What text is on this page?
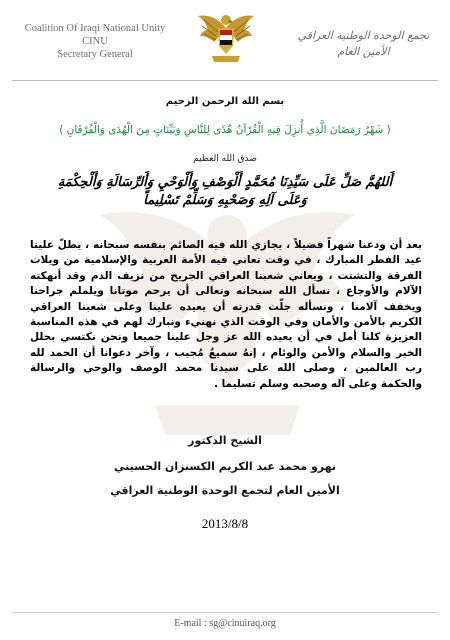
Coalition Of Iraqi National Unity
CINU
Secretary General
تجمع الوحدة الوطنية العراقي
الأمين العام
بسم الله الرحمن الرحيم
( شَهْرُ رَمَضَانَ الَّذِي أُنزِلَ فِيهِ الْقُرْآنُ هُدًى لِلنَّاسِ وَبَيِّنَاتٍ مِنَ الْهُدَى وَالْفُرْقَانِ )
صدق الله العظيم
أَللهُمَّ صَلِّ عَلَى سَيِّدِنَا مُحَمَّدٍ أَلْوَصْفِ وَأَلْوَحْيِ وَأَلرِّسَالَةِ وَأَلْحِكْمَةِ
وَعَلَى آلِهِ وَصَحْبِهِ وَسَلِّمْ تَسْلِيماً
بعد أن ودعنا شهراً فضيلاً ، يجازي الله فيه الصائم بنفسه سبحانه ، يطلّ علينا عيد الفطر المبارك ، في وقت تعاني فيه الأمة العربية والإسلامية من ويلات الفرقة والتشتت ، ويعاني شعبنا العراقي الجريح من نزيف الدم وقد أنهكته الآلام والأوجاع ، نسأل الله سبحانه وتعالى أن يرحم موتانا ويلملم جراحنا ويخفف آلامنا ، ونسأله جلّت قدرته أن يعيده علينا وعلى شعبنا العراقي الكريم بالأمن والأمان وفي الوقت الذي نهنيء ونبارك لهم في هذه المناسبة العزيزة كلنا أمل في أن يعيده الله عز وجل علينا جميعا ونحن نكتسي بحلل الخير والسلام والأمن والوئام ، إنهُ سميعٌ مُجيب ، وآخر دعوانا أن الحمد لله رب العالمين ، وصلى الله على سيدنا محمد الوصف والوحي والرسالة والحكمة وعلى آله وصحبه وسلم تسليما .
الشيخ الدكتور
نهرو محمد عبد الكريم الكسنزان الحسيني
الأمين العام لتجمع الوحدة الوطنية العراقي
2013/8/8
E-mail : sg@cinuiraq.org
